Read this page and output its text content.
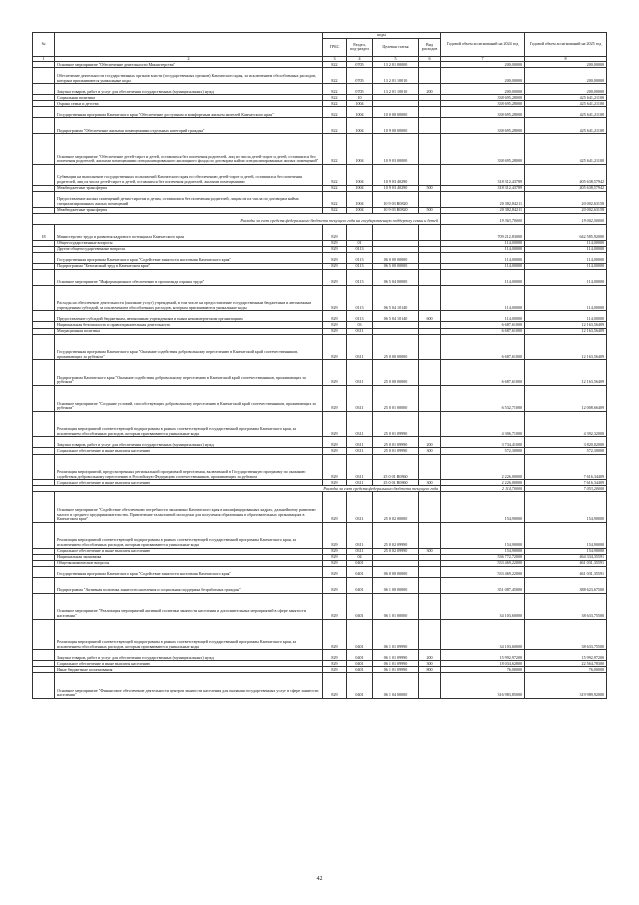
№		коды				Годовой объем ассигнований на 2024 год	Годовой объем ассигнований на 2025 год
		ГРБС	Раздел, под-раздел	Целевая статья	Вид расходов		
1	2	3	4	5	6	7	8
	Основное мероприятие "Обеспечение деятельности Министерства"	822	0705	13 2 01 00000		200,00000	200,00000
	Обеспечение деятельности государственных органов власти (государственных органов) Камчатского края, за исключением обособленных расходов, которым присваиваются уникальные коды	822	0705	13 2 01 10010		200,00000	200,00000
	Закупка товаров, работ и услуг для обеспечения государственных (муниципальных) нужд	822	0705	13 2 01 10010	200	200,00000	200,00000
	Социальная политика	822	10			338 695,28000	425 641,21100
	Охрана семьи и детства	822	1004			338 695,28000	425 641,21100
	Государственная программа Камчатского края "Обеспечение доступным и комфортным жильем жителей Камчатского края"	822	1004	10 0 00 00000		338 695,28000	425 641,21100
	Подпрограмма "Обеспечение жилыми помещениями отдельных категорий граждан"	822	1004	10 9 00 00000		338 695,28000	425 641,21100
	Основное мероприятие "Обеспечение детей-сирот и детей, оставшихся без попечения родителей, лиц из числа детей-сирот и детей, оставшихся без попечения родителей, жилыми помещениями специализированного жилищного фонда по договорам найма специализированных жилых помещений"	822	1004	10 9 03 00000		338 695,28000	425 641,21100
	Субвенции на выполнение государственных полномочий Камчатского края по обеспечению детей-сирот и детей, оставшихся без попечения родителей, лиц из числа детей-сирот и детей, оставшихся без попечения родителей, жилыми помещениями	822	1004	10 9 03 40290		318 312,43789	405 638,57942
	Межбюджетные трансферты	822	1004	10 9 03 40290	500	318 312,43789	405 638,57942
	Предоставление жилых помещений детям-сиротам и детям, оставшимся без попечения родителей, лицам из их числа по договорам найма специализированных жилых помещений	822	1004	10 9 03 R0820		20 382,84211	20 002,63158
	Межбюджетные трансферты	822	1004	10 9 03 R0820	500	20 382,84211	20 002,63158
Расходы за счет средств федерального бюджета текущего года на государственную поддержку семьи и детей						19 363,70000	19 002,50000
18	Министерство труда и развития кадрового потенциала Камчатского края	829				709 212,83000	642 585,92000
	Общегосударственные вопросы	829	01			114,00000	114,00000
	Другие общегосударственные вопросы	829	0113			114,00000	114,00000
	Государственная программа Камчатского края "Содействие занятости населения Камчатского края"	829	0113	06 0 00 00000		114,00000	114,00000
	Подпрограмма "Безопасный труд в Камчатском крае"	829	0113	06 5 00 00000		114,00000	114,00000
	Основное мероприятие "Информационное обеспечение и пропаганда охраны труда"	829	0113	06 5 04 00000		114,00000	114,00000
	Расходы на обеспечение деятельности (оказание услуг) учреждений, в том числе на предоставление государственным бюджетным и автономным учреждениям субсидий, за исключением обособленных расходов, которым присваиваются уникальные коды	829	0113	06 5 04 10140		114,00000	114,00000
	Предоставление субсидий бюджетным, автономным учреждениям и иным некоммерческим организациям	829	0113	06 5 04 10140	600	114,00000	114,00000
	Национальная безопасность и правоохранительная деятельность	829	03			6 687,61000	12 163,56409
	Миграционная политика	829	0311			6 687,61000	12 163,56409
	Государственная программа Камчатского края "Оказание содействия добровольному переселению в Камчатский край соотечественников, проживающих за рубежом"	829	0311	25 0 00 00000		6 687,61000	12 163,56409
	Подпрограмма Камчатского края "Оказание содействия добровольному переселению в Камчатский край соотечественников, проживающих за рубежом"	829	0311	25 0 00 00000		6 687,61000	12 163,56409
	Основное мероприятие "Создание условий, способствующих добровольному переселению в Камчатский край соотечественников, проживающих за рубежом"	829	0311	25 0 01 00000		6 532,71000	12 008,66409
	Реализация мероприятий соответствующей подпрограммы в рамках соответствующей государственной программы Камчатского края, за исключением обособленных расходов, которым присваиваются уникальные коды	829	0311	25 0 01 09990		4 306,71000	4 392,32000
	Закупка товаров, работ и услуг для обеспечения государственных (муниципальных) нужд	829	0311	25 0 01 09990	200	3 734,41000	3 820,02000
	Социальное обеспечение и иные выплаты населению	829	0311	25 0 01 09990	300	572,30000	572,30000
	Реализация мероприятий, предусмотренных региональной программой переселения, включенной в Государственную программу по оказанию содействия добровольному переселению в Российскую Федерацию соотечественников, проживающих за рубежом	829	0311	25 0 01 R0860		2 226,00000	7 616,34409
	Социальное обеспечение и иные выплаты населению	829	0311	25 0 01 R0860	300	2 226,00000	7 616,34409
Расходы за счет средств федерального бюджета текущего года						2 114,70000	7 053,20000
	Основное мероприятие "Содействие обеспечению потребности экономики Камчатского края в квалифицированных кадрах, дальнейшему развитию малого и среднего предпринимательства. Привлечение талантливой молодежи для получения образования в образовательных организациях в Камчатском крае"	829	0311	25 0 02 00000		154,90000	154,90000
	Реализация мероприятий соответствующей подпрограммы в рамках соответствующей государственной программы Камчатского края, за исключением обособленных расходов, которым присваиваются уникальные коды	829	0311	25 0 02 09990		154,90000	154,90000
	Социальное обеспечение и иные выплаты населению	829	0311	25 0 02 09990	300	154,90000	154,90000
	Национальная экономика	829	04			536 772,72000	464 334,35591
	Общеэкономические вопросы	829	0401			533 469,22000	461 031,35591
	Государственная программа Камчатского края "Содействие занятости населения Камчатского края"	829	0401	06 0 00 00000		533 469,22000	461 031,35591
	Подпрограмма "Активная политика занятости населения и социальная поддержка безработных граждан"	829	0401	06 1 00 00000		351 087,45000	388 623,67500
	Основное мероприятие "Реализация мероприятий активной политики занятости населения и дополнительных мероприятий в сфере занятости населения"	829	0401	06 1 01 00000		34 103,60000	38 633,75500
	Реализация мероприятий соответствующей подпрограммы в рамках соответствующей государственной программы Камчатского края, за исключением обособленных расходов, которым присваиваются уникальные коды	829	0401	06 1 01 09990		34 103,60000	38 633,75500
	Закупка товаров, работ и услуг для обеспечения государственных (муниципальных) нужд	829	0401	06 1 01 09990	200	15 992,97200	15 992,97200
	Социальное обеспечение и иные выплаты населению	829	0401	06 1 01 09990	300	18 034,62800	22 564,78300
	Иные бюджетные ассигнования	829	0401	06 1 01 09990	800	76,00000	76,00000
	Основное мероприятие "Финансовое обеспечение деятельности центров занятости населения для оказания государственных услуг в сфере занятости населения"	829	0401	06 1 04 00000		316 983,85000	319 989,92000
42
